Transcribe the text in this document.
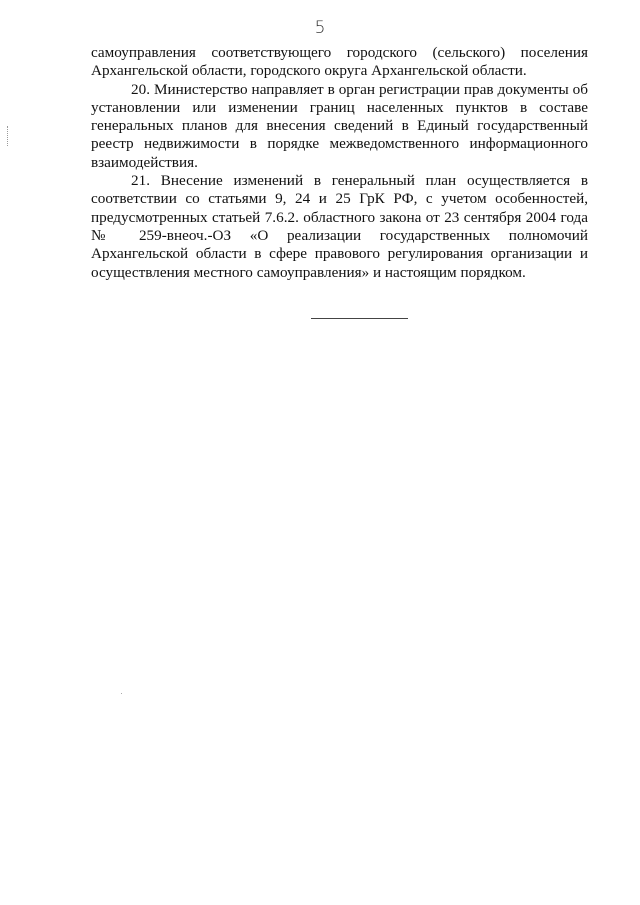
5

самоуправления соответствующего городского (сельского) поселения Архангельской области, городского округа Архангельской области.

20. Министерство направляет в орган регистрации прав документы об установлении или изменении границ населенных пунктов в составе генеральных планов для внесения сведений в Единый государственный реестр недвижимости в порядке межведомственного информационного взаимодействия.

21. Внесение изменений в генеральный план осуществляется в соответствии со статьями 9, 24 и 25 ГрК РФ, с учетом особенностей, предусмотренных статьей 7.6.2. областного закона от 23 сентября 2004 года № 259-внеоч.-ОЗ «О реализации государственных полномочий Архангельской области в сфере правового регулирования организации и осуществления местного самоуправления» и настоящим порядком.
